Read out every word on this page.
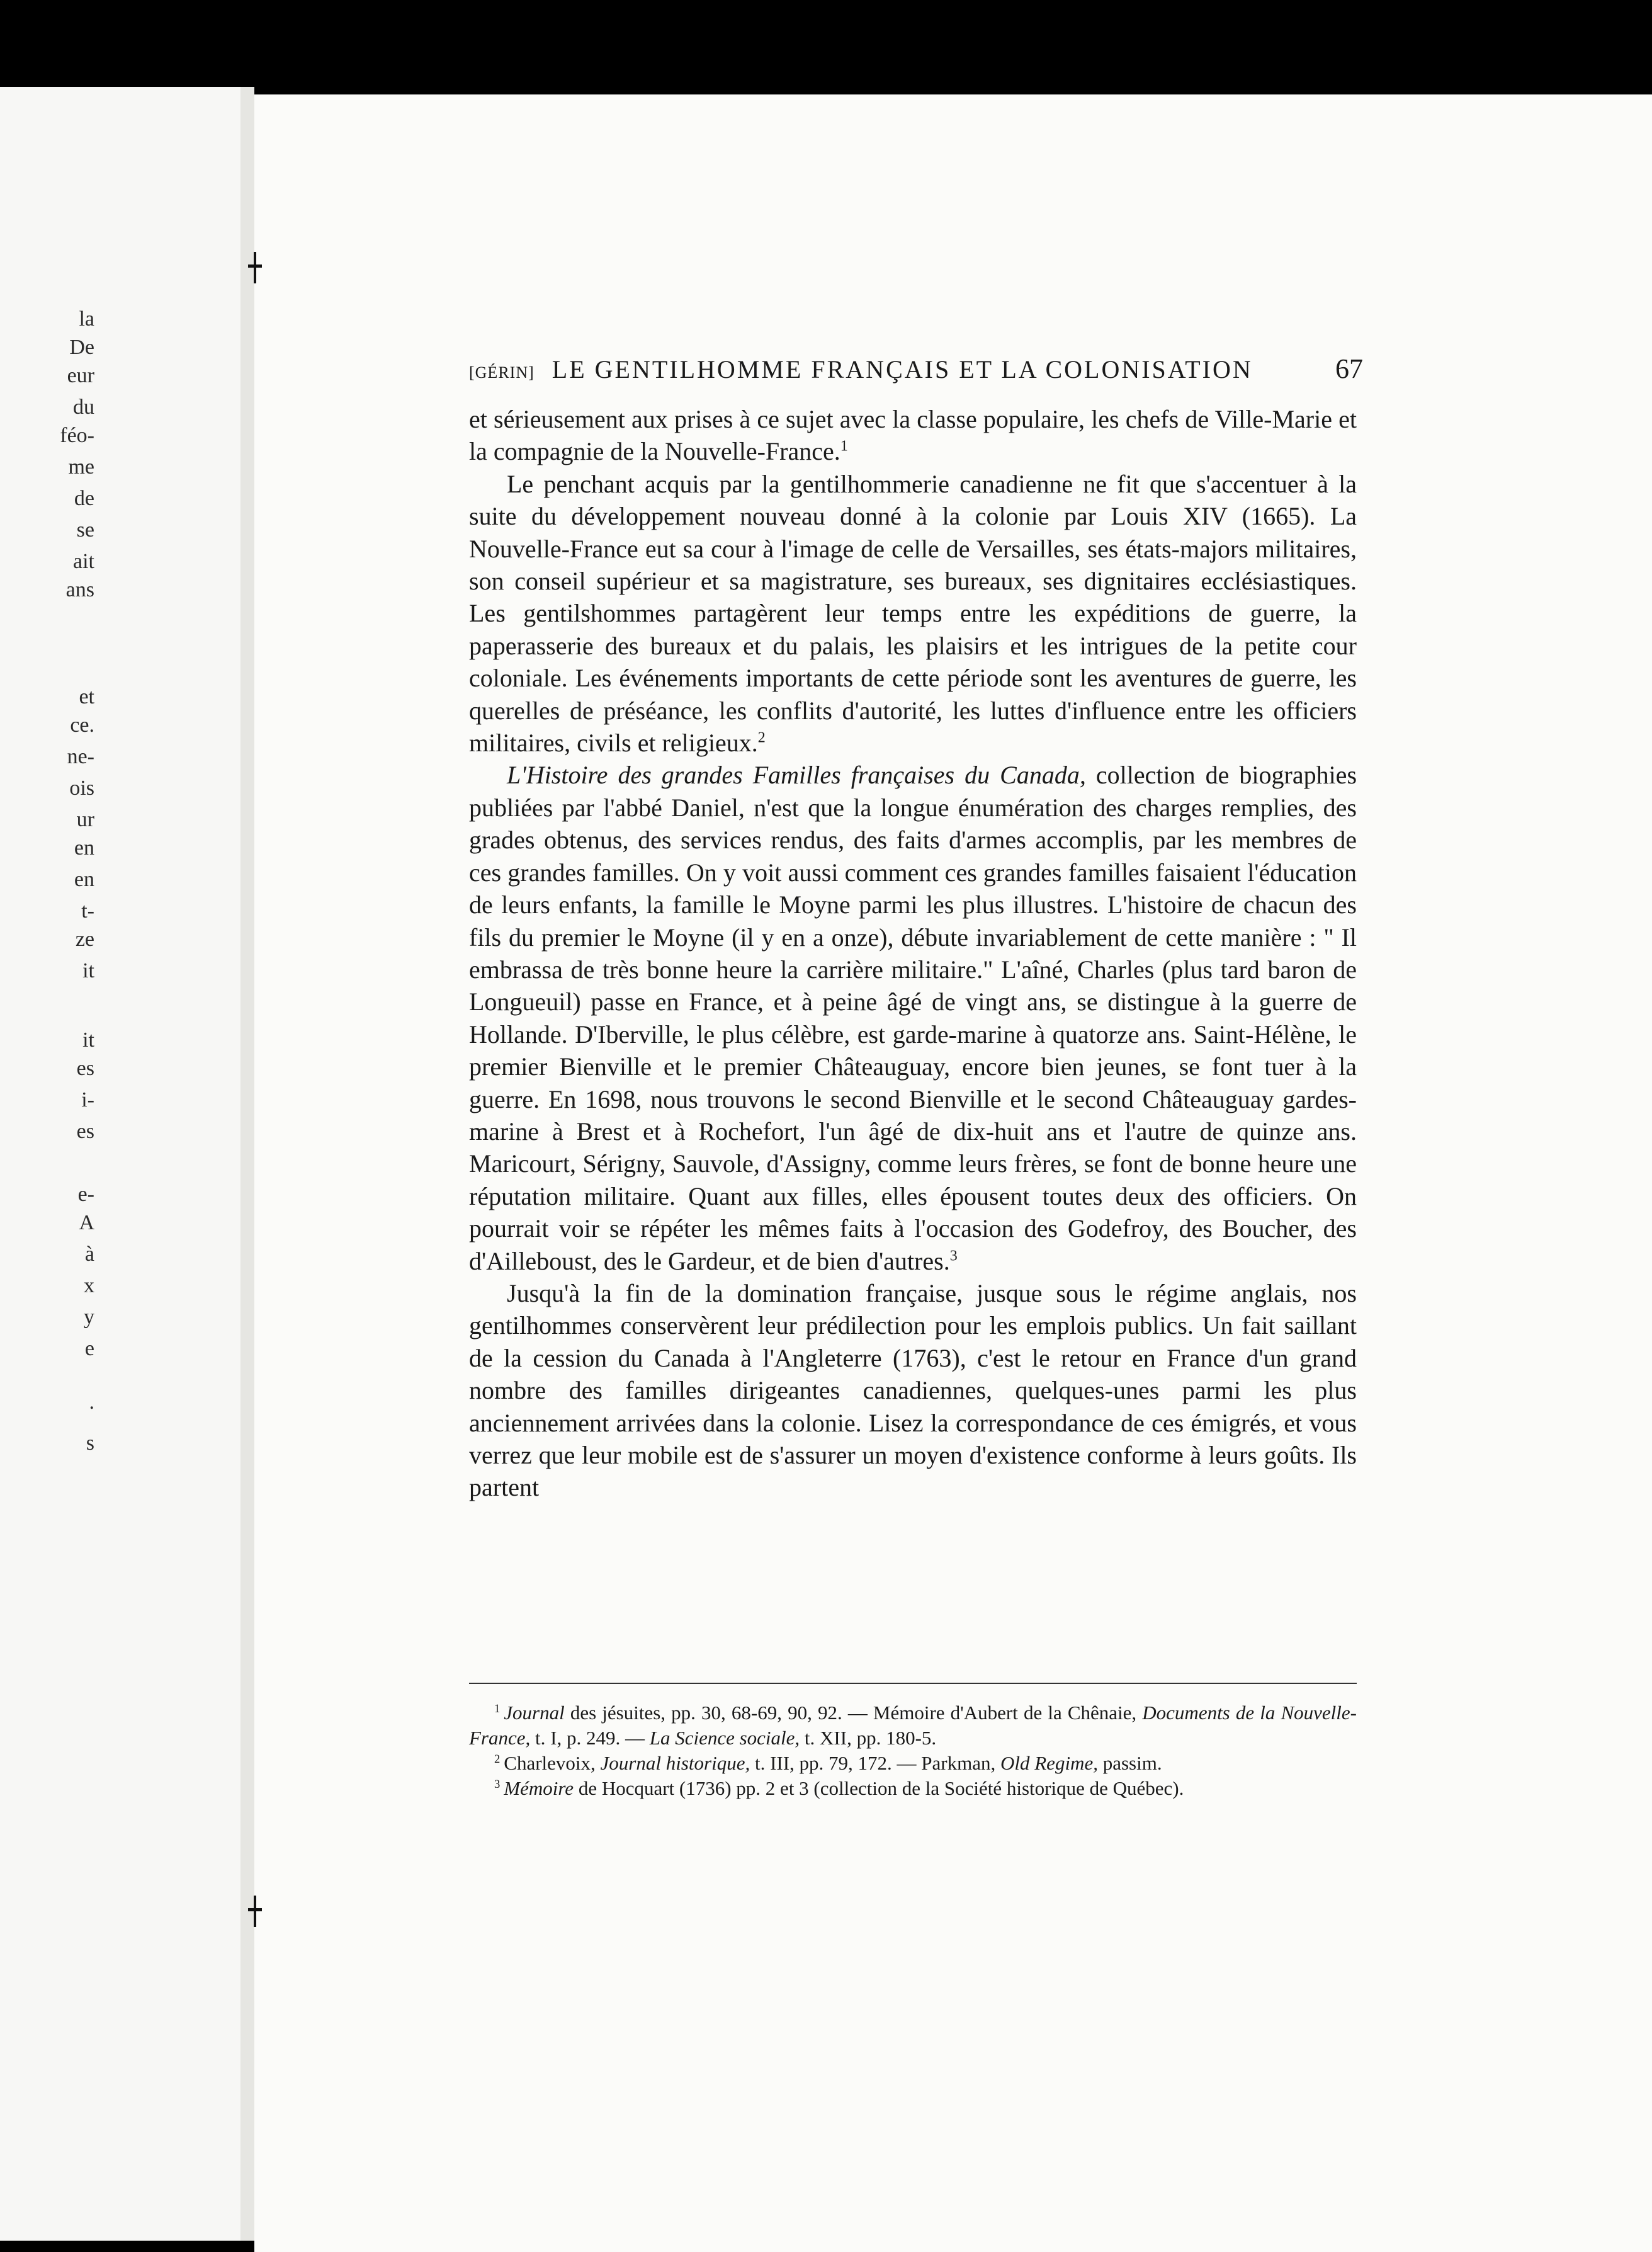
la
De
eur
du
féo-
me
de
se
ait
ans
et
ce.
ne-
ois
ur
en
en
t-
ze
it
it
es
i-
es
e-
A
à
x
y
e
.
s
[GÉRIN] LE GENTILHOMME FRANÇAIS ET LA COLONISATION	67

et sérieusement aux prises à ce sujet avec la classe populaire, les chefs de Ville-Marie et la compagnie de la Nouvelle-France.$^1$

Le penchant acquis par la gentilhommerie canadienne ne fit que s'accentuer à la suite du développement nouveau donné à la colonie par Louis XIV (1665). La Nouvelle-France eut sa cour à l'image de celle de Versailles, ses états-majors militaires, son conseil supérieur et sa magistrature, ses bureaux, ses dignitaires ecclésiastiques. Les gentilshommes partagèrent leur temps entre les expéditions de guerre, la paperasserie des bureaux et du palais, les plaisirs et les intrigues de la petite cour coloniale. Les événements importants de cette période sont les aventures de guerre, les querelles de préséance, les conflits d'autorité, les luttes d'influence entre les officiers militaires, civils et religieux.$^2$

L'Histoire des grandes Familles françaises du Canada, collection de biographies publiées par l'abbé Daniel, n'est que la longue énumération des charges remplies, des grades obtenus, des services rendus, des faits d'armes accomplis, par les membres de ces grandes familles. On y voit aussi comment ces grandes familles faisaient l'éducation de leurs enfants, la famille le Moyne parmi les plus illustres. L'histoire de chacun des fils du premier le Moyne (il y en a onze), débute invariablement de cette manière : " Il embrassa de très bonne heure la carrière militaire." L'aîné, Charles (plus tard baron de Longueuil) passe en France, et à peine âgé de vingt ans, se distingue à la guerre de Hollande. D'Iberville, le plus célèbre, est garde-marine à quatorze ans. Saint-Hélène, le premier Bienville et le premier Châteauguay, encore bien jeunes, se font tuer à la guerre. En 1698, nous trouvons le second Bienville et le second Châteauguay gardes-marine à Brest et à Rochefort, l'un âgé de dix-huit ans et l'autre de quinze ans. Maricourt, Sérigny, Sauvole, d'Assigny, comme leurs frères, se font de bonne heure une réputation militaire. Quant aux filles, elles épousent toutes deux des officiers. On pourrait voir se répéter les mêmes faits à l'occasion des Godefroy, des Boucher, des d'Ailleboust, des le Gardeur, et de bien d'autres.$^3$

Jusqu'à la fin de la domination française, jusque sous le régime anglais, nos gentilhommes conservèrent leur prédilection pour les emplois publics. Un fait saillant de la cession du Canada à l'Angleterre (1763), c'est le retour en France d'un grand nombre des familles dirigeantes canadiennes, quelques-unes parmi les plus anciennement arrivées dans la colonie. Lisez la correspondance de ces émigrés, et vous verrez que leur mobile est de s'assurer un moyen d'existence conforme à leurs goûts. Ils partent

$^1$ Journal des jésuites, pp. 30, 68-69, 90, 92. — Mémoire d'Aubert de la Chênaie, Documents de la Nouvelle-France, t. I, p. 249. — La Science sociale, t. XII, pp. 180-5.

$^2$ Charlevoix, Journal historique, t. III, pp. 79, 172. — Parkman, Old Regime, passim.

$^3$ Mémoire de Hocquart (1736) pp. 2 et 3 (collection de la Société historique de Québec).
